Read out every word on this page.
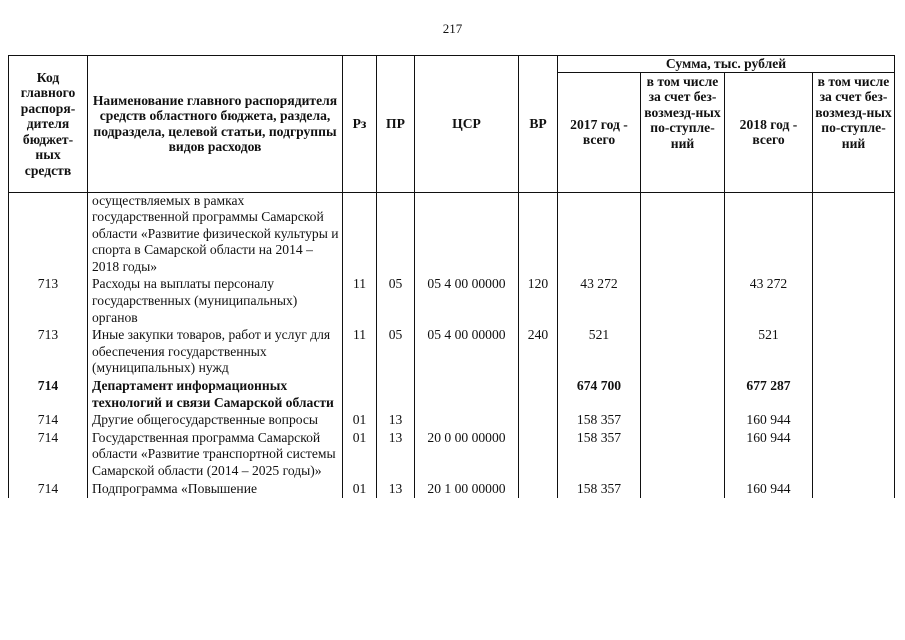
217
Код главного распоря-дителя бюджет-ных средств	Наименование главного распорядителя средств областного бюджета, раздела, подраздела, целевой статьи, подгруппы видов расходов	Рз	ПР	ЦСР	ВР	Сумма, тыс. рублей			
						2017 год - всего	в том числе за счет без-возмезд-ных по-ступле-ний	2018 год - всего	в том числе за счет без-возмезд-ных по-ступле-ний
	осуществляемых в рамках государственной программы Самарской области «Развитие физической культуры и спорта в Самарской области на 2014 – 2018 годы»								
713	Расходы на выплаты персоналу государственных (муниципальных) органов	11	05	05 4 00 00000	120	43 272		43 272	
713	Иные закупки товаров, работ и услуг для обеспечения государственных (муниципальных) нужд	11	05	05 4 00 00000	240	521		521	
714	Департамент информационных технологий и связи Самарской области					674 700		677 287	
714	Другие общегосударственные вопросы	01	13			158 357		160 944	
714	Государственная программа Самарской области «Развитие транспортной системы Самарской области (2014 – 2025 годы)»	01	13	20 0 00 00000		158 357		160 944	
714	Подпрограмма «Повышение	01	13	20 1 00 00000		158 357		160 944	
